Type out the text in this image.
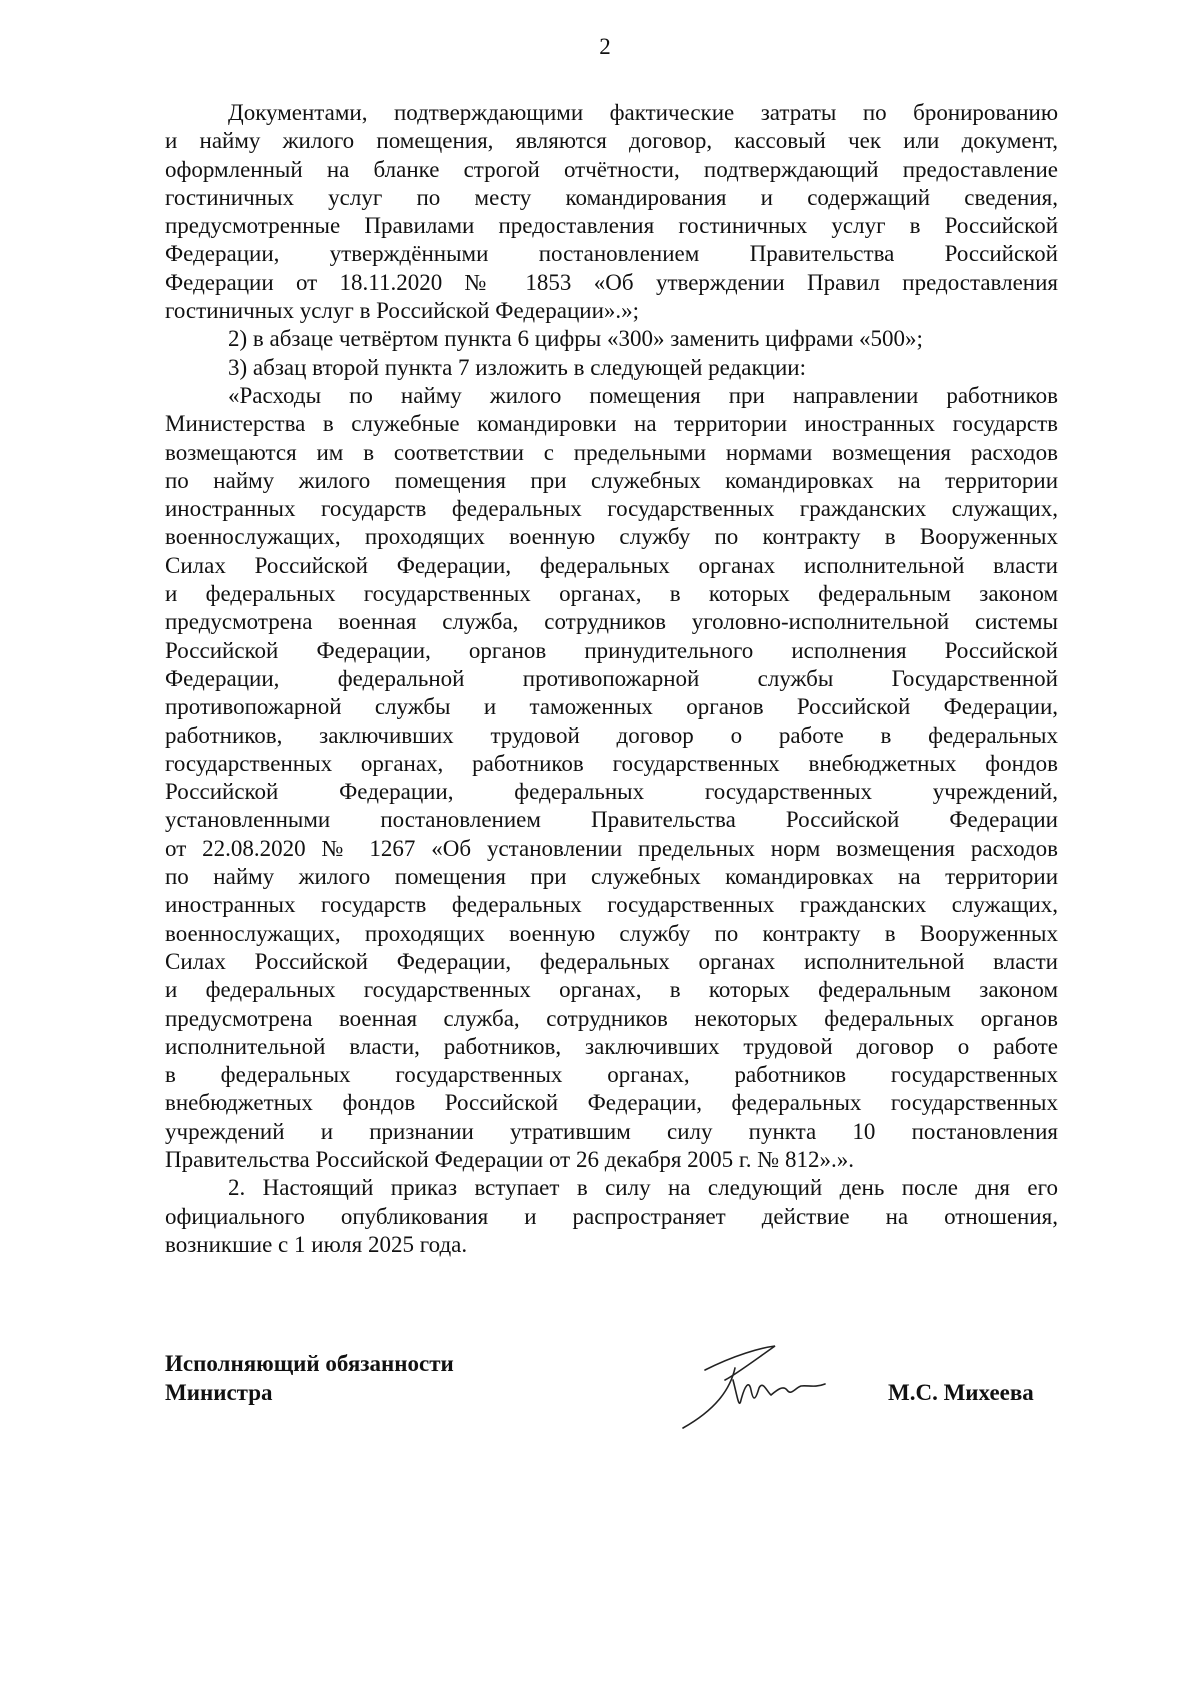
2
Документами, подтверждающими фактические затраты по бронированию
и найму жилого помещения, являются договор, кассовый чек или документ,
оформленный на бланке строгой отчётности, подтверждающий предоставление
гостиничных услуг по месту командирования и содержащий сведения,
предусмотренные Правилами предоставления гостиничных услуг в Российской
Федерации, утверждёнными постановлением Правительства Российской
Федерации от 18.11.2020 № 1853 «Об утверждении Правил предоставления
гостиничных услуг в Российской Федерации».»;
2) в абзаце четвёртом пункта 6 цифры «300» заменить цифрами «500»;
3) абзац второй пункта 7 изложить в следующей редакции:
«Расходы по найму жилого помещения при направлении работников
Министерства в служебные командировки на территории иностранных государств
возмещаются им в соответствии с предельными нормами возмещения расходов
по найму жилого помещения при служебных командировках на территории
иностранных государств федеральных государственных гражданских служащих,
военнослужащих, проходящих военную службу по контракту в Вооруженных
Силах Российской Федерации, федеральных органах исполнительной власти
и федеральных государственных органах, в которых федеральным законом
предусмотрена военная служба, сотрудников уголовно-исполнительной системы
Российской Федерации, органов принудительного исполнения Российской
Федерации, федеральной противопожарной службы Государственной
противопожарной службы и таможенных органов Российской Федерации,
работников, заключивших трудовой договор о работе в федеральных
государственных органах, работников государственных внебюджетных фондов
Российской Федерации, федеральных государственных учреждений,
установленными постановлением Правительства Российской Федерации
от 22.08.2020 № 1267 «Об установлении предельных норм возмещения расходов
по найму жилого помещения при служебных командировках на территории
иностранных государств федеральных государственных гражданских служащих,
военнослужащих, проходящих военную службу по контракту в Вооруженных
Силах Российской Федерации, федеральных органах исполнительной власти
и федеральных государственных органах, в которых федеральным законом
предусмотрена военная служба, сотрудников некоторых федеральных органов
исполнительной власти, работников, заключивших трудовой договор о работе
в федеральных государственных органах, работников государственных
внебюджетных фондов Российской Федерации, федеральных государственных
учреждений и признании утратившим силу пункта 10 постановления
Правительства Российской Федерации от 26 декабря 2005 г. № 812».».
2. Настоящий приказ вступает в силу на следующий день после дня его
официального опубликования и распространяет действие на отношения,
возникшие с 1 июля 2025 года.
Исполняющий обязанности
Министра	М.С. Михеева
